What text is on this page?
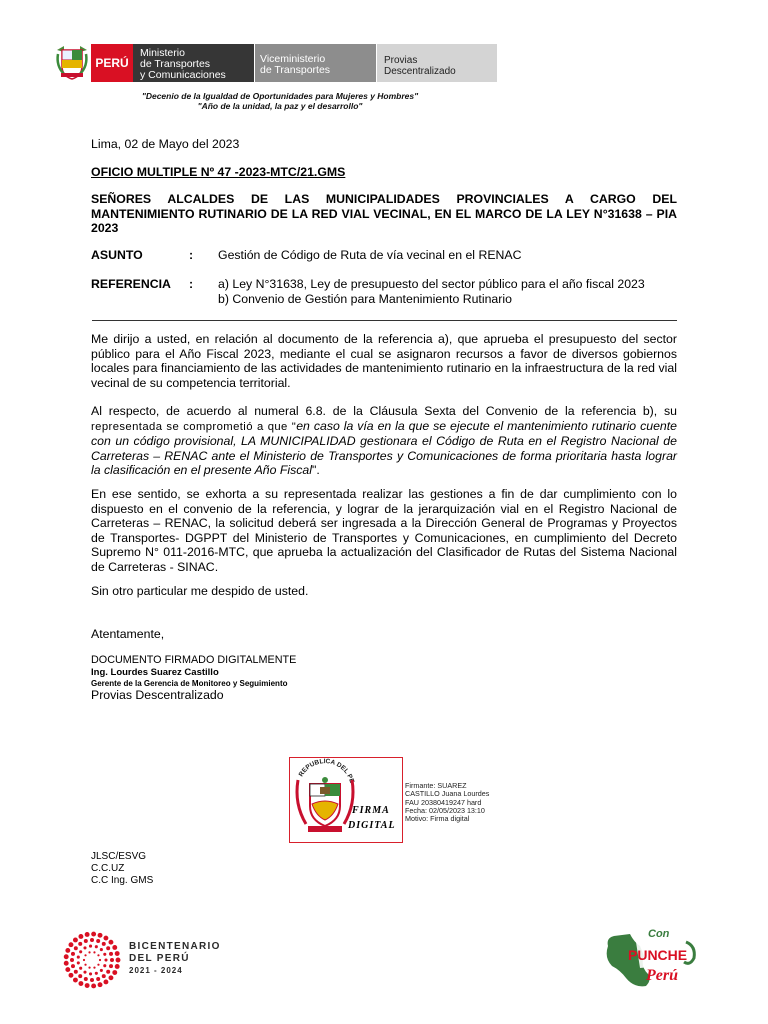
PERÚ
Ministerio
de Transportes
y Comunicaciones
Viceministerio
de Transportes
Provias
Descentralizado
"Decenio de la Igualdad de Oportunidades para Mujeres y Hombres"
"Año de la unidad, la paz y el desarrollo"
Lima, 02 de Mayo del 2023
OFICIO MULTIPLE Nº 47 -2023-MTC/21.GMS
SEÑORES ALCALDES DE LAS MUNICIPALIDADES PROVINCIALES A CARGO DEL MANTENIMIENTO RUTINARIO DE LA RED VIAL VECINAL, EN EL MARCO DE LA LEY N°31638 – PIA 2023
ASUNTO	:	Gestión de Código de Ruta de vía vecinal en el RENAC
REFERENCIA	:	a) Ley N°31638, Ley de presupuesto del sector público para el año fiscal 2023
b) Convenio de Gestión para Mantenimiento Rutinario
Me dirijo a usted, en relación al documento de la referencia a), que aprueba el presupuesto del sector público para el Año Fiscal 2023, mediante el cual se asignaron recursos a favor de diversos gobiernos locales para financiamiento de las actividades de mantenimiento rutinario en la infraestructura de la red vial vecinal de su competencia territorial.
Al respecto, de acuerdo al numeral 6.8. de la Cláusula Sexta del Convenio de la referencia b), su representada se comprometió a que "en caso la vía en la que se ejecute el mantenimiento rutinario cuente con un código provisional, LA MUNICIPALIDAD gestionara el Código de Ruta en el Registro Nacional de Carreteras – RENAC ante el Ministerio de Transportes y Comunicaciones de forma prioritaria hasta lograr la clasificación en el presente Año Fiscal".
En ese sentido, se exhorta a su representada realizar las gestiones a fin de dar cumplimiento con lo dispuesto en el convenio de la referencia, y lograr de la jerarquización vial en el Registro Nacional de Carreteras – RENAC, la solicitud deberá ser ingresada a la Dirección General de Programas y Proyectos de Transportes- DGPPT del Ministerio de Transportes y Comunicaciones, en cumplimiento del Decreto Supremo N° 011-2016-MTC, que aprueba la actualización del Clasificador de Rutas del Sistema Nacional de Carreteras - SINAC.
Sin otro particular me despido de usted.
Atentamente,
DOCUMENTO FIRMADO DIGITALMENTE
Ing. Lourdes Suarez Castillo
Gerente de la Gerencia de Monitoreo y Seguimiento
Provias Descentralizado
REPUBLICA DEL PE
FIRMA
DIGITAL
Firmante: SUAREZ
CASTILLO Juana Lourdes
FAU 20380419247 hard
Fecha: 02/05/2023 13:10
Motivo: Firma digital
JLSC/ESVG
C.C.UZ
C.C Ing. GMS
BICENTENARIO
DEL PERÚ
2021 - 2024
Con
PUNCHE
Perú
